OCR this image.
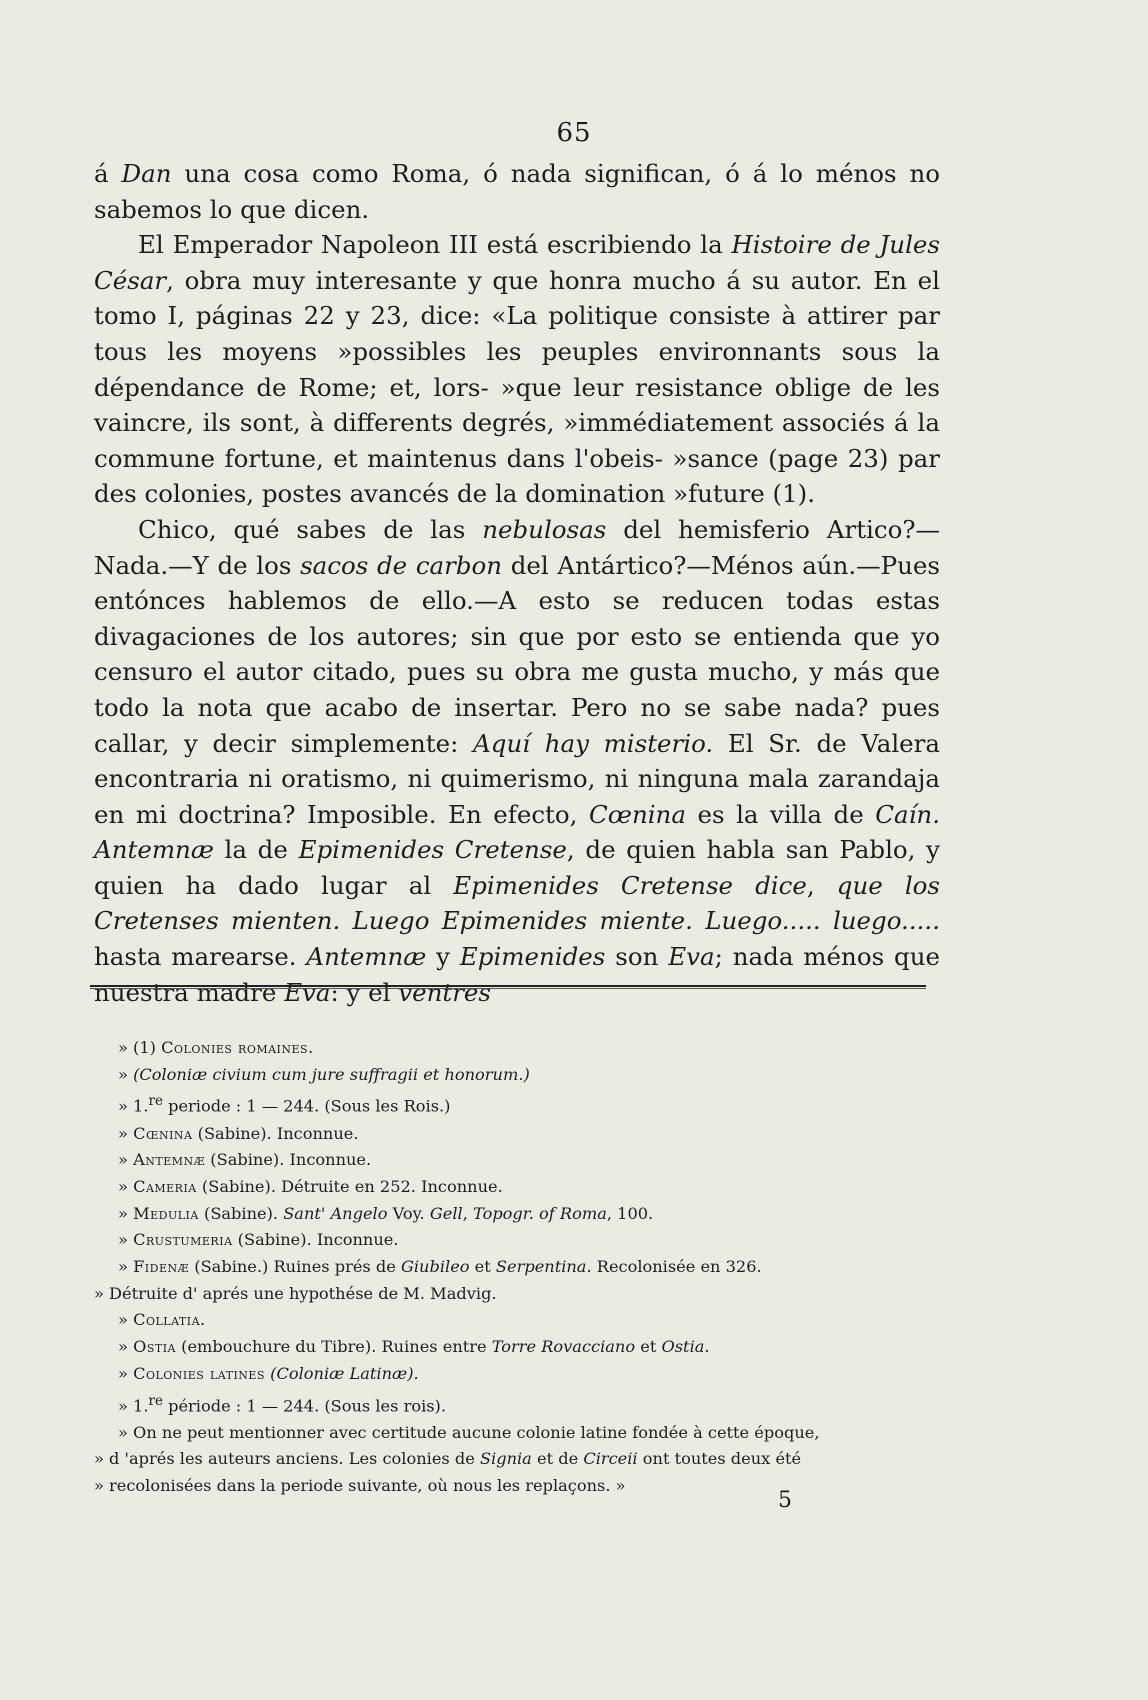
65

á Dan una cosa como Roma, ó nada significan, ó á lo ménos no sabemos lo que dicen.

El Emperador Napoleon III está escribiendo la Histoire de Jules César, obra muy interesante y que honra mucho á su autor. En el tomo I, páginas 22 y 23, dice: «La politique consiste à attirer par tous les moyens »possibles les peuples environnants sous la dépendance de Rome; et, lors- »que leur resistance oblige de les vaincre, ils sont, à differents degrés, »immédiatement associés á la commune fortune, et maintenus dans l'obeis- »sance (page 23) par des colonies, postes avancés de la domination »future (1).

Chico, qué sabes de las nebulosas del hemisferio Artico?—Nada.—Y de los sacos de carbon del Antártico?—Ménos aún.—Pues entónces hablemos de ello.—A esto se reducen todas estas divagaciones de los autores; sin que por esto se entienda que yo censuro el autor citado, pues su obra me gusta mucho, y más que todo la nota que acabo de insertar. Pero no se sabe nada? pues callar, y decir simplemente: Aquí hay misterio. El Sr. de Valera encontraria ni oratismo, ni quimerismo, ni ninguna mala zarandaja en mi doctrina? Imposible. En efecto, Cœnina es la villa de Caín. Antemnæ la de Epimenides Cretense, de quien habla san Pablo, y quien ha dado lugar al Epimenides Cretense dice, que los Cretenses mienten. Luego Epimenides miente. Luego..... luego..... hasta marearse. Antemnæ y Epimenides son Eva; nada ménos que nuestra madre Eva: y el ventres

» (1) Colonies romaines.
» (Coloniæ civium cum jure suffragii et honorum.)
» 1.$^{re}$ periode : 1 — 244. (Sous les Rois.)
» Cœnina (Sabine). Inconnue.
» Antemnæ (Sabine). Inconnue.
» Cameria (Sabine). Détruite en 252. Inconnue.
» Medulia (Sabine). Sant' Angelo Voy. Gell, Topogr. of Roma, 100.
» Crustumeria (Sabine). Inconnue.
» Fidenæ (Sabine.) Ruines prés de Giubileo et Serpentina. Recolonisée en 326.
» Détruite d' aprés une hypothése de M. Madvig.
» Collatia.
» Ostia (embouchure du Tibre). Ruines entre Torre Rovacciano et Ostia.
» Colonies latines (Coloniæ Latinæ).
» 1.$^{re}$ période : 1 — 244. (Sous les rois).
» On ne peut mentionner avec certitude aucune colonie latine fondée à cette époque,
» d 'aprés les auteurs anciens. Les colonies de Signia et de Circeii ont toutes deux été
» recolonisées dans la periode suivante, où nous les replaçons. »
5
